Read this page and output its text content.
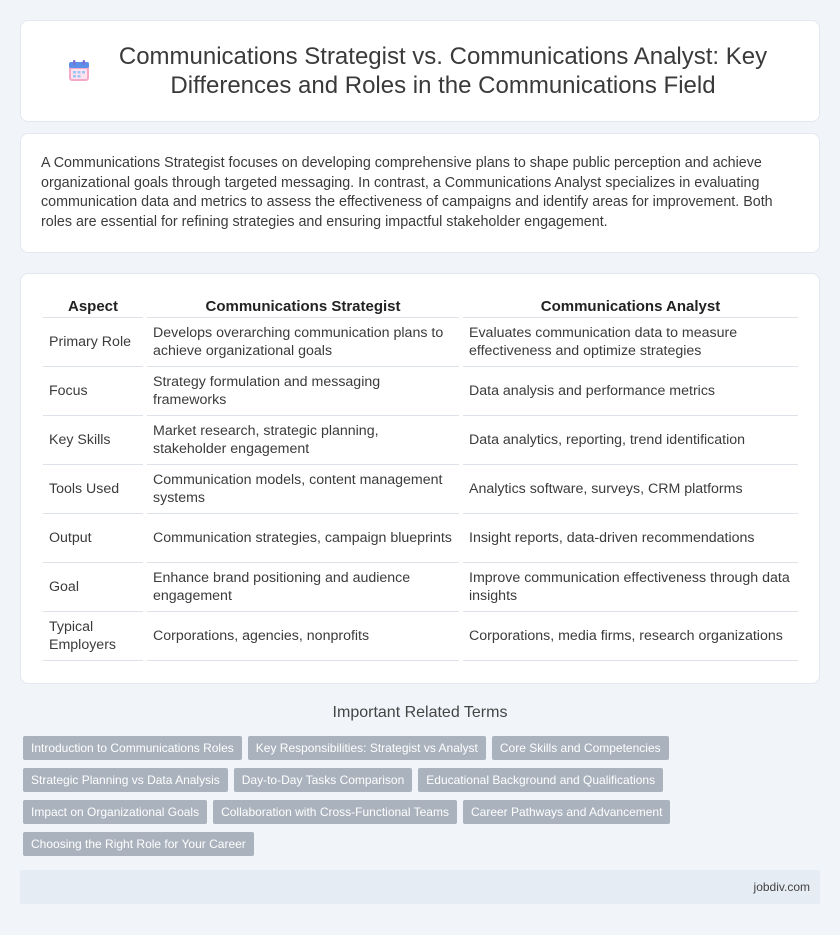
Communications Strategist vs. Communications Analyst: Key Differences and Roles in the Communications Field

A Communications Strategist focuses on developing comprehensive plans to shape public perception and achieve organizational goals through targeted messaging. In contrast, a Communications Analyst specializes in evaluating communication data and metrics to assess the effectiveness of campaigns and identify areas for improvement. Both roles are essential for refining strategies and ensuring impactful stakeholder engagement.

Aspect	Communications Strategist	Communications Analyst
Primary Role	Develops overarching communication plans to achieve organizational goals	Evaluates communication data to measure effectiveness and optimize strategies
Focus	Strategy formulation and messaging frameworks	Data analysis and performance metrics
Key Skills	Market research, strategic planning, stakeholder engagement	Data analytics, reporting, trend identification
Tools Used	Communication models, content management systems	Analytics software, surveys, CRM platforms
Output	Communication strategies, campaign blueprints	Insight reports, data-driven recommendations
Goal	Enhance brand positioning and audience engagement	Improve communication effectiveness through data insights
Typical Employers	Corporations, agencies, nonprofits	Corporations, media firms, research organizations
Important Related Terms
Introduction to Communications Roles Key Responsibilities: Strategist vs Analyst Core Skills and Competencies
Strategic Planning vs Data Analysis Day-to-Day Tasks Comparison Educational Background and Qualifications
Impact on Organizational Goals Collaboration with Cross-Functional Teams Career Pathways and Advancement
Choosing the Right Role for Your Career
jobdiv.com
